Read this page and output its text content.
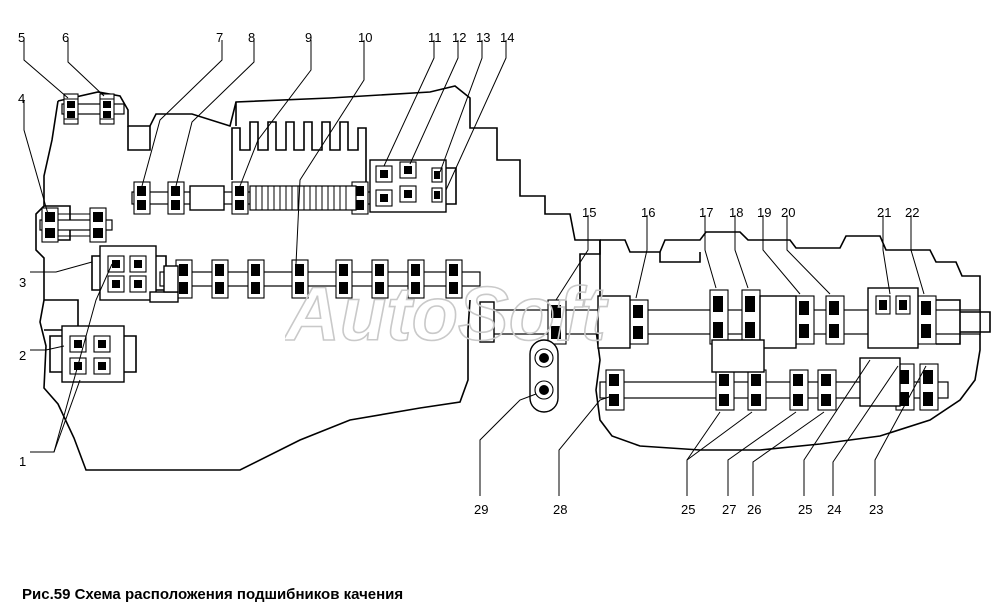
AutoSoft
5	6	7 8	9	10	11 12 13 14
4
3
2
1
15	16	17 18 19 20	21 22
29	28	25 27 26	25 24 23
Рис.59 Схема расположения подшибников качения
